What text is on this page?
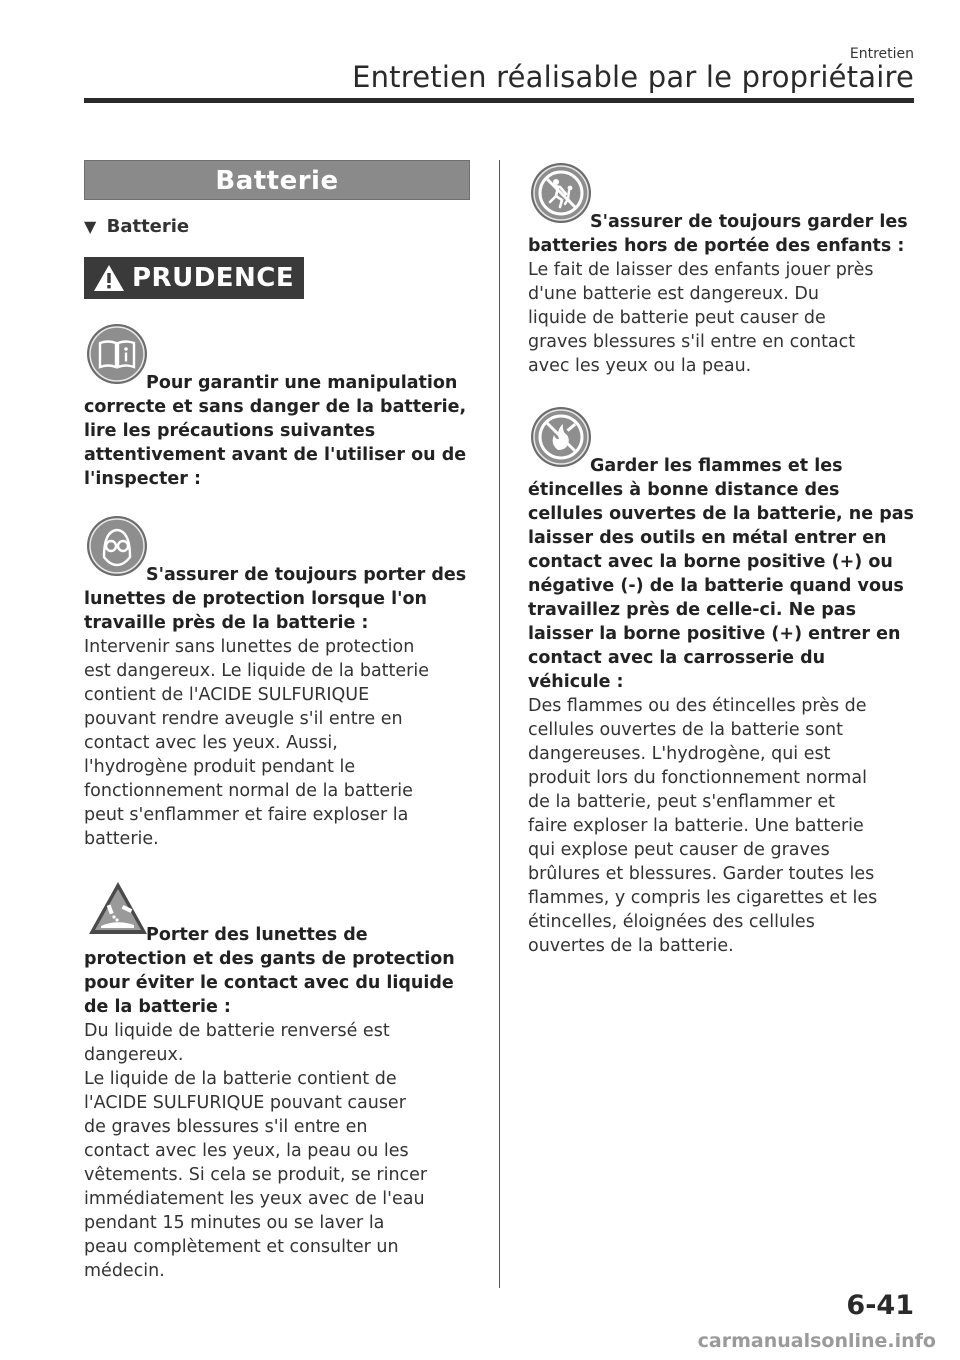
Entretien
Entretien réalisable par le propriétaire
Batterie
▼ Batterie
PRUDENCE
Pour garantir une manipulation
correcte et sans danger de la batterie,
lire les précautions suivantes
attentivement avant de l'utiliser ou de
l'inspecter :
S'assurer de toujours porter des
lunettes de protection lorsque l'on
travaille près de la batterie :
Intervenir sans lunettes de protection
est dangereux. Le liquide de la batterie
contient de l'ACIDE SULFURIQUE
pouvant rendre aveugle s'il entre en
contact avec les yeux. Aussi,
l'hydrogène produit pendant le
fonctionnement normal de la batterie
peut s'enflammer et faire exploser la
batterie.
Porter des lunettes de
protection et des gants de protection
pour éviter le contact avec du liquide
de la batterie :
Du liquide de batterie renversé est
dangereux.
Le liquide de la batterie contient de
l'ACIDE SULFURIQUE pouvant causer
de graves blessures s'il entre en
contact avec les yeux, la peau ou les
vêtements. Si cela se produit, se rincer
immédiatement les yeux avec de l'eau
pendant 15 minutes ou se laver la
peau complètement et consulter un
médecin.
S'assurer de toujours garder les
batteries hors de portée des enfants :
Le fait de laisser des enfants jouer près
d'une batterie est dangereux. Du
liquide de batterie peut causer de
graves blessures s'il entre en contact
avec les yeux ou la peau.
Garder les flammes et les
étincelles à bonne distance des
cellules ouvertes de la batterie, ne pas
laisser des outils en métal entrer en
contact avec la borne positive (+) ou
négative (-) de la batterie quand vous
travaillez près de celle-ci. Ne pas
laisser la borne positive (+) entrer en
contact avec la carrosserie du
véhicule :
Des flammes ou des étincelles près de
cellules ouvertes de la batterie sont
dangereuses. L'hydrogène, qui est
produit lors du fonctionnement normal
de la batterie, peut s'enflammer et
faire exploser la batterie. Une batterie
qui explose peut causer de graves
brûlures et blessures. Garder toutes les
flammes, y compris les cigarettes et les
étincelles, éloignées des cellules
ouvertes de la batterie.
6-41
carmanualsonline.info
